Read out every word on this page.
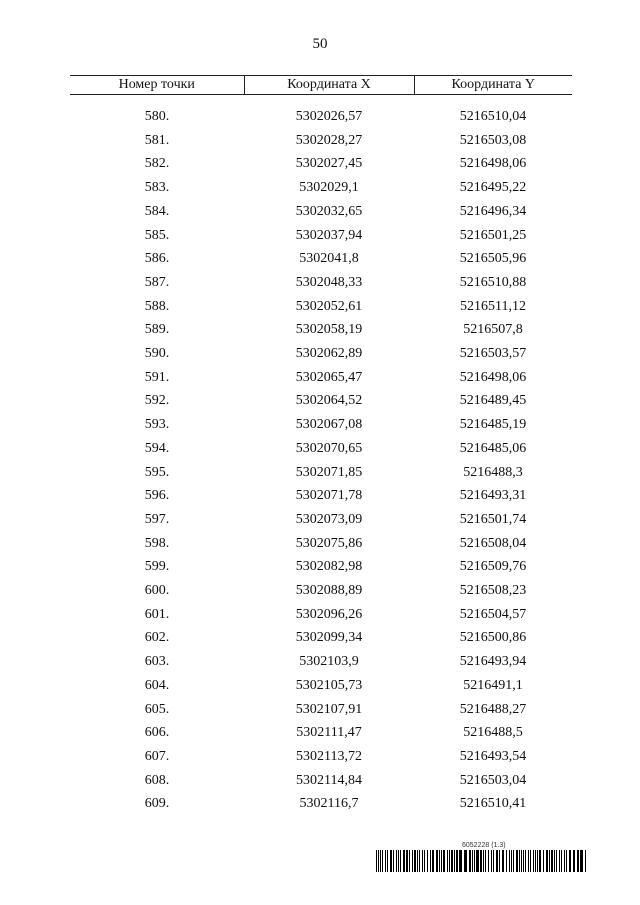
50
Номер точки	Координата X	Координата Y

580.	5302026,57	5216510,04
581.	5302028,27	5216503,08
582.	5302027,45	5216498,06
583.	5302029,1	5216495,22
584.	5302032,65	5216496,34
585.	5302037,94	5216501,25
586.	5302041,8	5216505,96
587.	5302048,33	5216510,88
588.	5302052,61	5216511,12
589.	5302058,19	5216507,8
590.	5302062,89	5216503,57
591.	5302065,47	5216498,06
592.	5302064,52	5216489,45
593.	5302067,08	5216485,19
594.	5302070,65	5216485,06
595.	5302071,85	5216488,3
596.	5302071,78	5216493,31
597.	5302073,09	5216501,74
598.	5302075,86	5216508,04
599.	5302082,98	5216509,76
600.	5302088,89	5216508,23
601.	5302096,26	5216504,57
602.	5302099,34	5216500,86
603.	5302103,9	5216493,94
604.	5302105,73	5216491,1
605.	5302107,91	5216488,27
606.	5302111,47	5216488,5
607.	5302113,72	5216493,54
608.	5302114,84	5216503,04
609.	5302116,7	5216510,41
6052228 (1.3)
